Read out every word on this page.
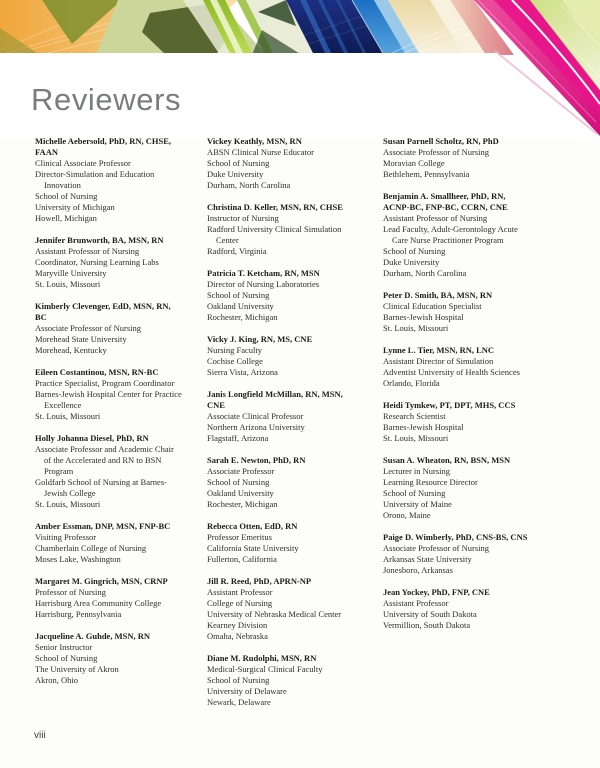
Reviewers
Michelle Aebersold, PhD, RN, CHSE,
FAAN
Clinical Associate Professor
Director-Simulation and Education
Innovation
School of Nursing
University of Michigan
Howell, Michigan
Jennifer Brunworth, BA, MSN, RN
Assistant Professor of Nursing
Coordinator, Nursing Learning Labs
Maryville University
St. Louis, Missouri
Kimberly Clevenger, EdD, MSN, RN,
BC
Associate Professor of Nursing
Morehead State University
Morehead, Kentucky
Eileen Costantinou, MSN, RN-BC
Practice Specialist, Program Coordinator
Barnes-Jewish Hospital Center for Practice
Excellence
St. Louis, Missouri
Holly Johanna Diesel, PhD, RN
Associate Professor and Academic Chair
of the Accelerated and RN to BSN
Program
Goldfarb School of Nursing at Barnes-
Jewish College
St. Louis, Missouri
Amber Essman, DNP, MSN, FNP-BC
Visiting Professor
Chamberlain College of Nursing
Moses Lake, Washington
Margaret M. Gingrich, MSN, CRNP
Professor of Nursing
Harrisburg Area Community College
Harrisburg, Pennsylvania
Jacqueline A. Guhde, MSN, RN
Senior Instructor
School of Nursing
The University of Akron
Akron, Ohio
Vickey Keathly, MSN, RN
ABSN Clinical Nurse Educator
School of Nursing
Duke University
Durham, North Carolina
Christina D. Keller, MSN, RN, CHSE
Instructor of Nursing
Radford University Clinical Simulation
Center
Radford, Virginia
Patricia T. Ketcham, RN, MSN
Director of Nursing Laboratories
School of Nursing
Oakland University
Rochester, Michigan
Vicky J. King, RN, MS, CNE
Nursing Faculty
Cochise College
Sierra Vista, Arizona
Janis Longfield McMillan, RN, MSN,
CNE
Associate Clinical Professor
Northern Arizona University
Flagstaff, Arizona
Sarah E. Newton, PhD, RN
Associate Professor
School of Nursing
Oakland University
Rochester, Michigan
Rebecca Otten, EdD, RN
Professor Emeritus
California State University
Fullerton, California
Jill R. Reed, PhD, APRN-NP
Assistant Professor
College of Nursing
University of Nebraska Medical Center
Kearney Division
Omaha, Nebraska
Diane M. Rudolphi, MSN, RN
Medical-Surgical Clinical Faculty
School of Nursing
University of Delaware
Newark, Delaware
Susan Parnell Scholtz, RN, PhD
Associate Professor of Nursing
Moravian College
Bethlehem, Pennsylvania
Benjamin A. Smallheer, PhD, RN,
ACNP-BC, FNP-BC, CCRN, CNE
Assistant Professor of Nursing
Lead Faculty, Adult-Gerontology Acute
Care Nurse Practitioner Program
School of Nursing
Duke University
Durham, North Carolina
Peter D. Smith, BA, MSN, RN
Clinical Education Specialist
Barnes-Jewish Hospital
St. Louis, Missouri
Lynne L. Tier, MSN, RN, LNC
Assistant Director of Simulation
Adventist University of Health Sciences
Orlando, Florida
Heidi Tymkew, PT, DPT, MHS, CCS
Research Scientist
Barnes-Jewish Hospital
St. Louis, Missouri
Susan A. Wheaton, RN, BSN, MSN
Lecturer in Nursing
Learning Resource Director
School of Nursing
University of Maine
Orono, Maine
Paige D. Wimberly, PhD, CNS-BS, CNS
Associate Professor of Nursing
Arkansas State University
Jonesboro, Arkansas
Jean Yockey, PhD, FNP, CNE
Assistant Professor
University of South Dakota
Vermillion, South Dakota
viii
